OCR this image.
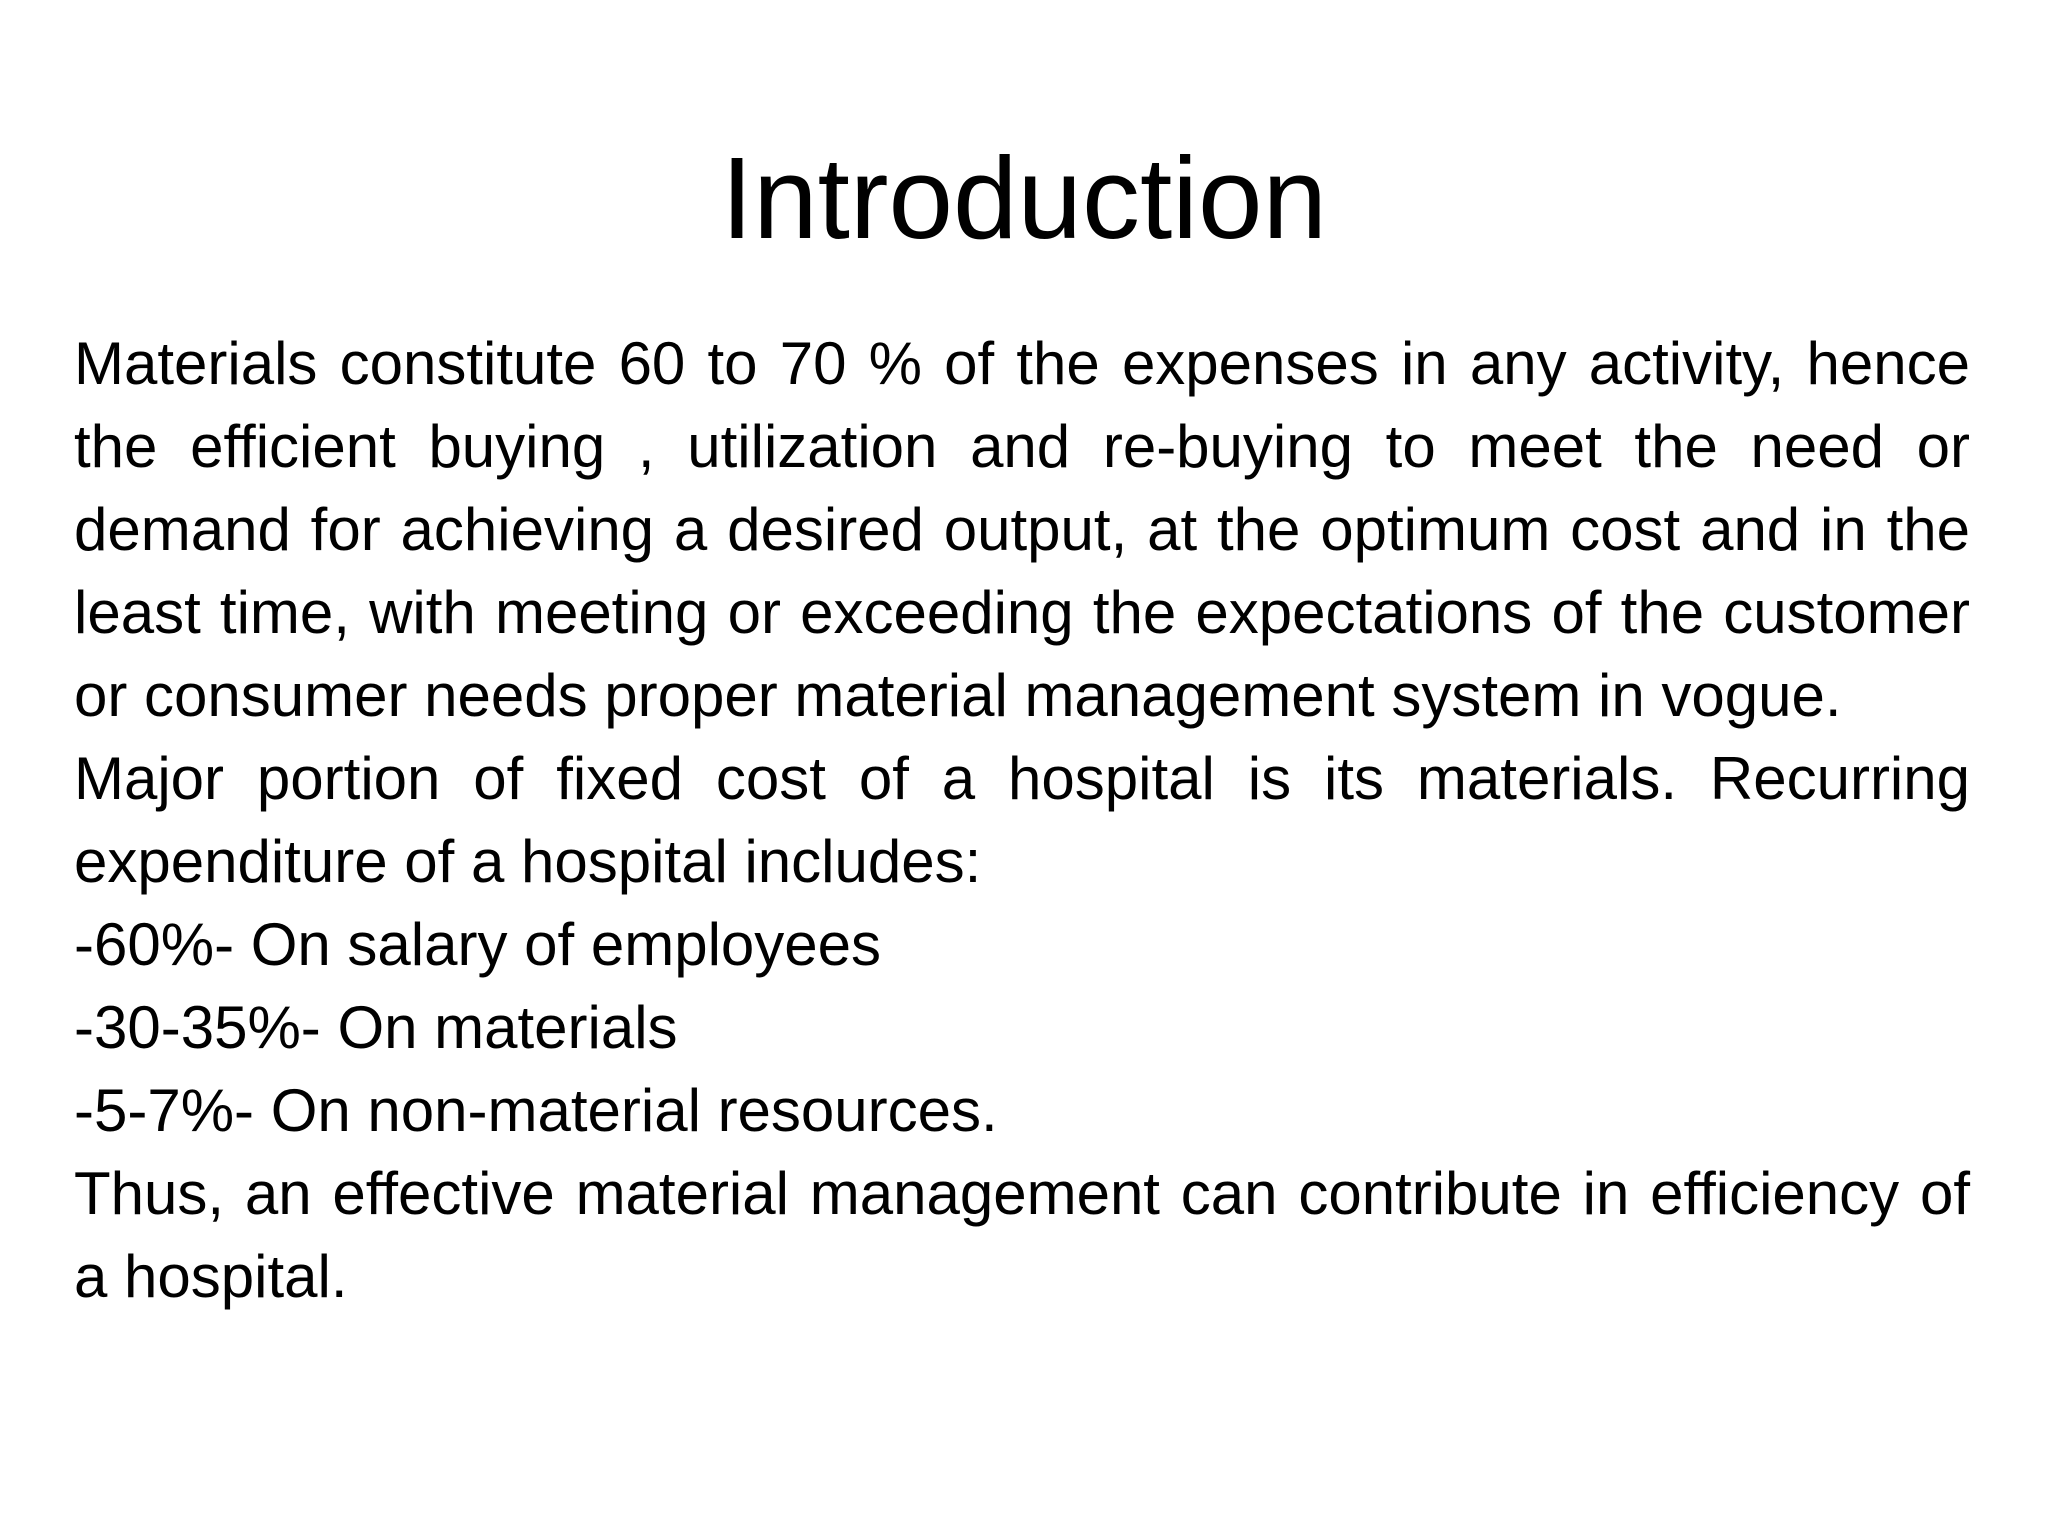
Introduction

Materials constitute 60 to 70 % of the expenses in any activity, hence the efficient buying , utilization and re-buying to meet the need or demand for achieving a desired output, at the optimum cost and in the least time, with meeting or exceeding the expectations of the customer or consumer needs proper material management system in vogue.

Major portion of fixed cost of a hospital is its materials. Recurring expenditure of a hospital includes:

-60%- On salary of employees

-30-35%- On materials

-5-7%- On non-material resources.

Thus, an effective material management can contribute in efficiency of a hospital.
